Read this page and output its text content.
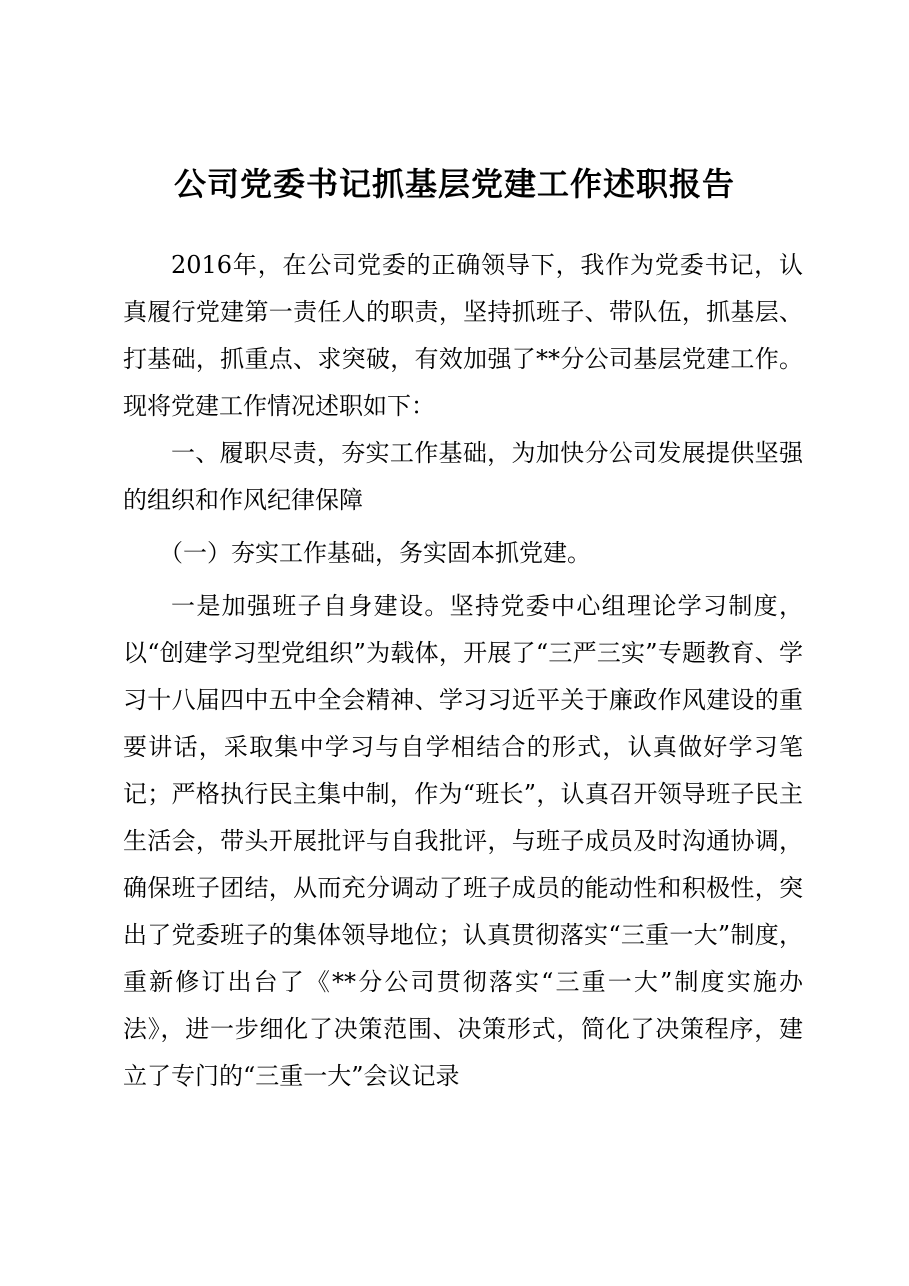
公司党委书记抓基层党建工作述职报告

2016年，在公司党委的正确领导下，我作为党委书记，认真履行党建第一责任人的职责，坚持抓班子、带队伍，抓基层、打基础，抓重点、求突破，有效加强了**分公司基层党建工作。现将党建工作情况述职如下：

一、履职尽责，夯实工作基础，为加快分公司发展提供坚强的组织和作风纪律保障

（一）夯实工作基础，务实固本抓党建。

一是加强班子自身建设。坚持党委中心组理论学习制度，以“创建学习型党组织”为载体，开展了“三严三实”专题教育、学习十八届四中五中全会精神、学习习近平关于廉政作风建设的重要讲话，采取集中学习与自学相结合的形式，认真做好学习笔记；严格执行民主集中制，作为“班长”，认真召开领导班子民主生活会，带头开展批评与自我批评，与班子成员及时沟通协调，确保班子团结，从而充分调动了班子成员的能动性和积极性，突出了党委班子的集体领导地位；认真贯彻落实“三重一大”制度，重新修订出台了《**分公司贯彻落实“三重一大”制度实施办法》，进一步细化了决策范围、决策形式，简化了决策程序，建立了专门的“三重一大”会议记录
